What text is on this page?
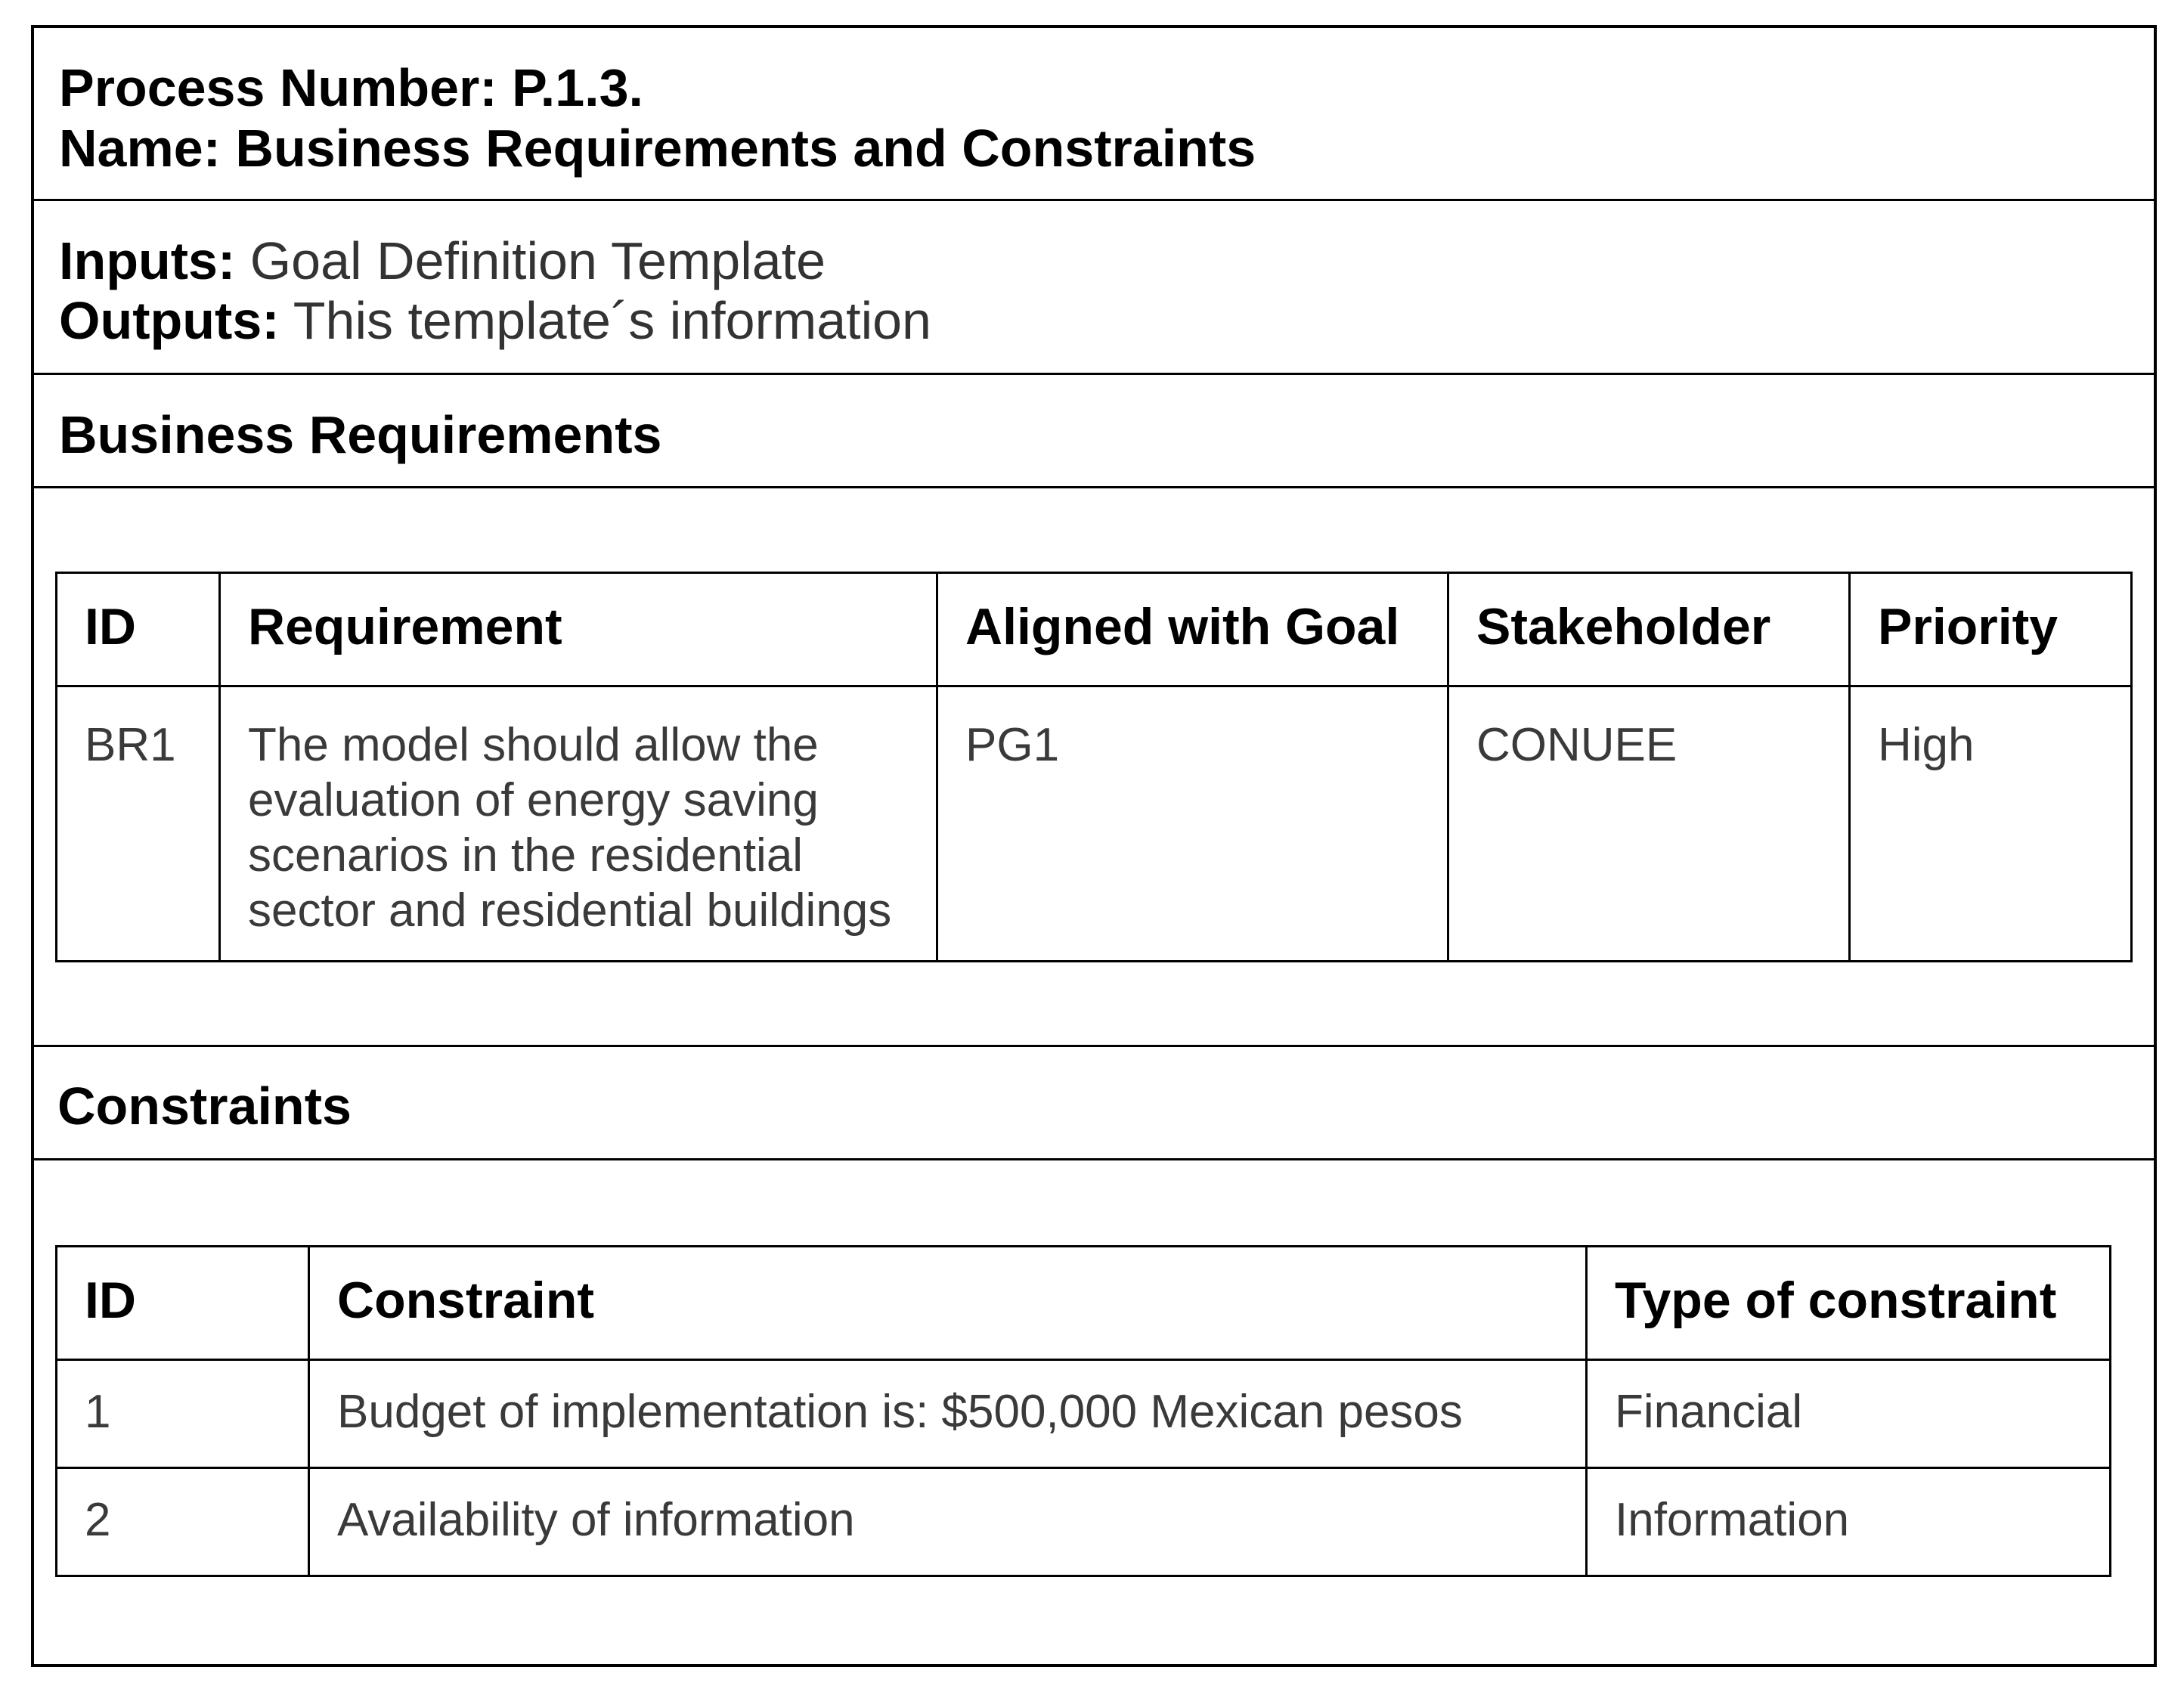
Process Number: P.1.3.
Name: Business Requirements and Constraints
Inputs: Goal Definition Template
Outputs: This template´s information
Business Requirements
ID	Requirement	Aligned with Goal	Stakeholder	Priority
BR1	The model should allow the evaluation of energy saving scenarios in the residential sector and residential buildings	PG1	CONUEE	High
Constraints
ID	Constraint	Type of constraint
1	Budget of implementation is: $500,000 Mexican pesos	Financial
2	Availability of information	Information
